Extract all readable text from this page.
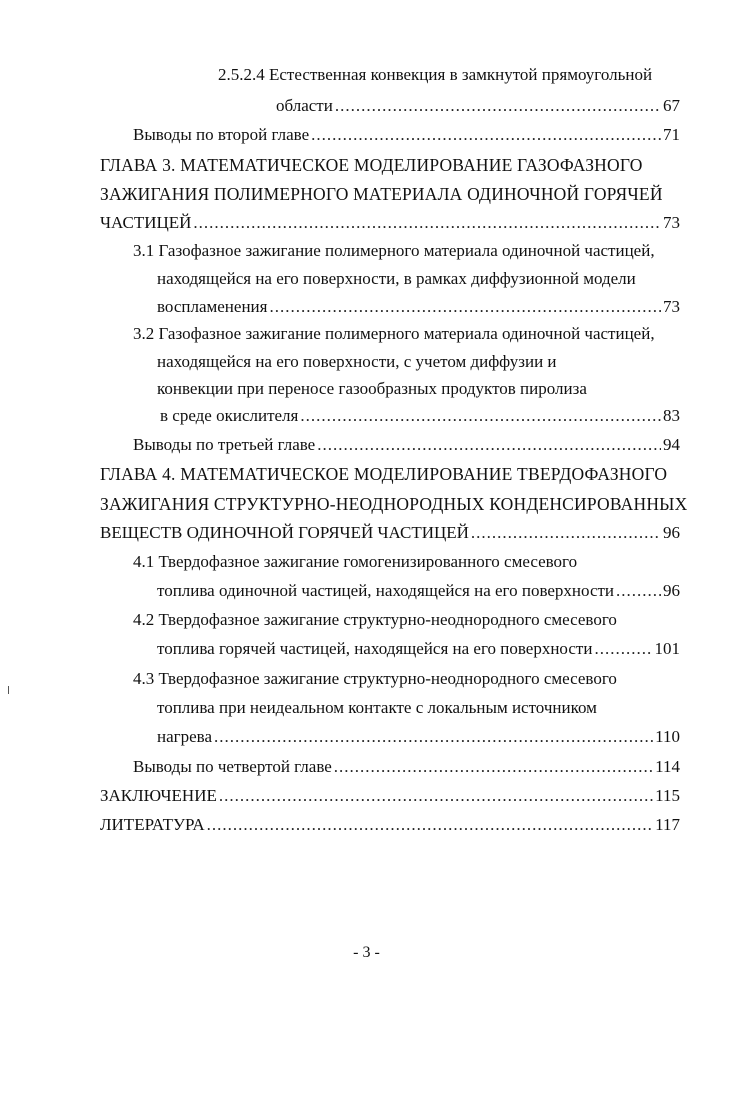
2.5.2.4 Естественная конвекция в замкнутой прямоугольной
области .....	67
Выводы по второй главе .....	71
ГЛАВА 3. МАТЕМАТИЧЕСКОЕ МОДЕЛИРОВАНИЕ ГАЗОФАЗНОГО
ЗАЖИГАНИЯ ПОЛИМЕРНОГО МАТЕРИАЛА ОДИНОЧНОЙ ГОРЯЧЕЙ
ЧАСТИЦЕЙ .....	73
3.1 Газофазное зажигание полимерного материала одиночной частицей,
находящейся на его поверхности, в рамках диффузионной модели
воспламенения .....	73
3.2 Газофазное зажигание полимерного материала одиночной частицей,
находящейся на его поверхности, с учетом диффузии и
конвекции при переносе газообразных продуктов пиролиза
в среде окислителя .....	83
Выводы по третьей главе .....	94
ГЛАВА 4. МАТЕМАТИЧЕСКОЕ МОДЕЛИРОВАНИЕ ТВЕРДОФАЗНОГО
ЗАЖИГАНИЯ СТРУКТУРНО-НЕОДНОРОДНЫХ КОНДЕНСИРОВАННЫХ
ВЕЩЕСТВ ОДИНОЧНОЙ ГОРЯЧЕЙ ЧАСТИЦЕЙ .....	96
4.1 Твердофазное зажигание гомогенизированного смесевого
топлива одиночной частицей, находящейся на его поверхности .....	96
4.2 Твердофазное зажигание структурно-неоднородного смесевого
топлива горячей частицей, находящейся на его поверхности .....	101
4.3 Твердофазное зажигание структурно-неоднородного смесевого
топлива при неидеальном контакте с локальным источником
нагрева .....	110
Выводы по четвертой главе .....	114
ЗАКЛЮЧЕНИЕ .....	115
ЛИТЕРАТУРА .....	117
- 3 -
